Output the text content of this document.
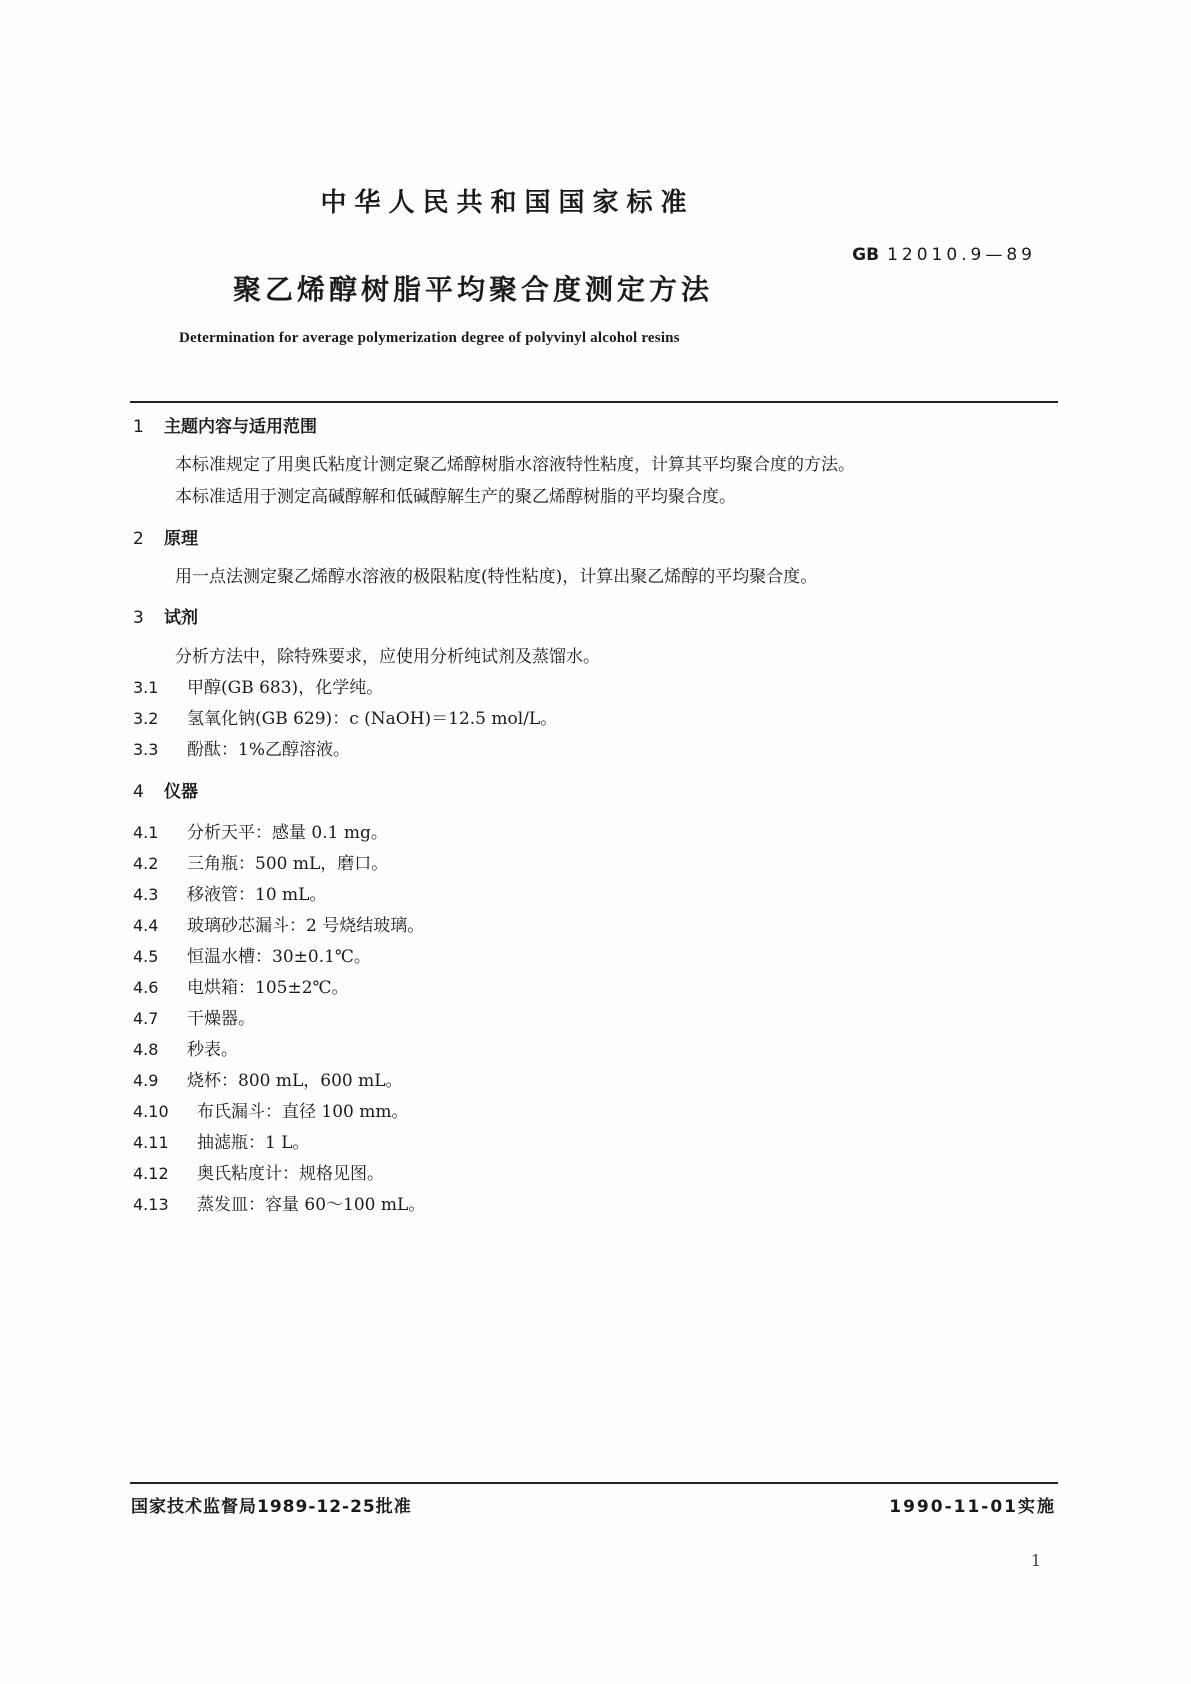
中华人民共和国国家标准
GB 12010.9—89
聚乙烯醇树脂平均聚合度测定方法
Determination for average polymerization degree of polyvinyl alcohol resins
1 主题内容与适用范围
本标准规定了用奥氏粘度计测定聚乙烯醇树脂水溶液特性粘度，计算其平均聚合度的方法。
本标准适用于测定高碱醇解和低碱醇解生产的聚乙烯醇树脂的平均聚合度。
2 原理
用一点法测定聚乙烯醇水溶液的极限粘度(特性粘度)，计算出聚乙烯醇的平均聚合度。
3 试剂
分析方法中，除特殊要求，应使用分析纯试剂及蒸馏水。
3.1 甲醇(GB 683)，化学纯。
3.2 氢氧化钠(GB 629)：c (NaOH)＝12.5 mol/L。
3.3 酚酞：1%乙醇溶液。
4 仪器
4.1 分析天平：感量 0.1 mg。
4.2 三角瓶：500 mL，磨口。
4.3 移液管：10 mL。
4.4 玻璃砂芯漏斗：2 号烧结玻璃。
4.5 恒温水槽：30±0.1℃。
4.6 电烘箱：105±2℃。
4.7 干燥器。
4.8 秒表。
4.9 烧杯：800 mL，600 mL。
4.10 布氏漏斗：直径 100 mm。
4.11 抽滤瓶：1 L。
4.12 奥氏粘度计：规格见图。
4.13 蒸发皿：容量 60～100 mL。
国家技术监督局1989-12-25批准	1990-11-01实施
1
